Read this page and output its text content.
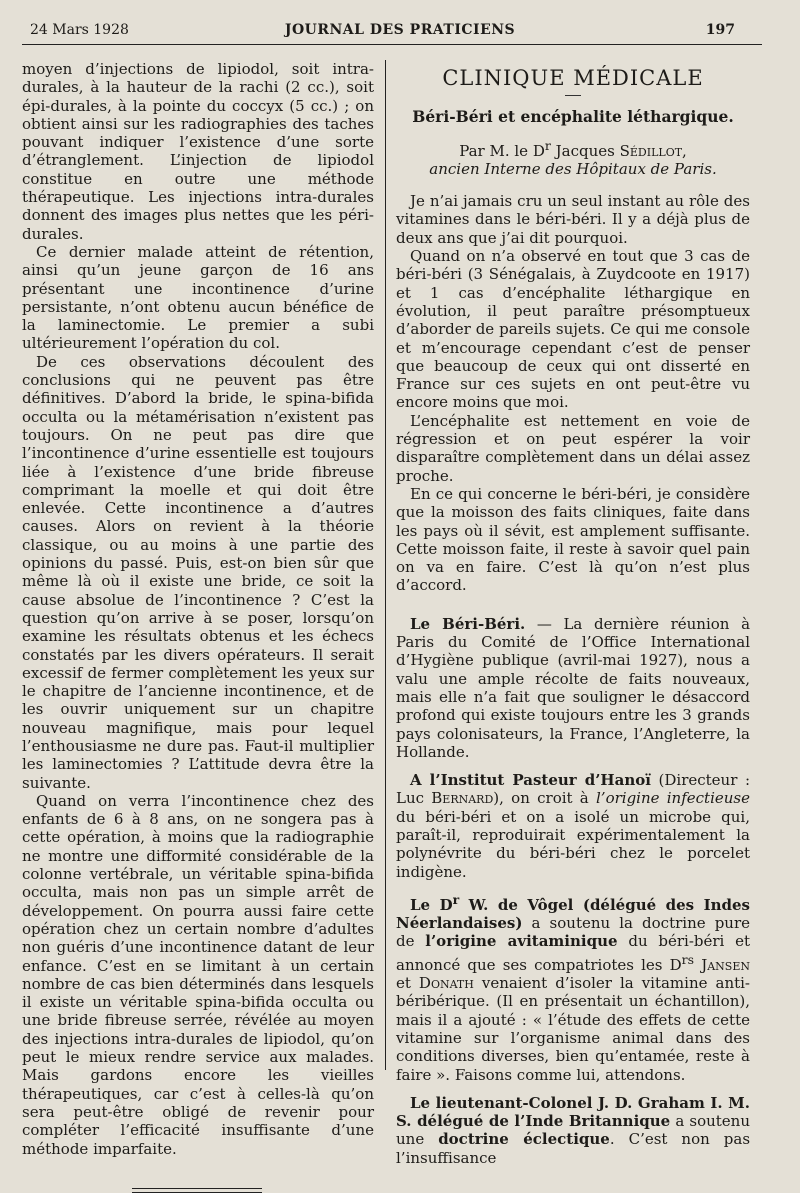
24 Mars 1928	JOURNAL DES PRATICIENS	197

moyen d’injections de lipiodol, soit intra-durales, à la hauteur de la rachi (2 cc.), soit épi-durales, à la pointe du coccyx (5 cc.) ; on obtient ainsi sur les radiographies des taches pouvant indiquer l’existence d’une sorte d’étranglement. L’injection de lipiodol constitue en outre une méthode thérapeutique. Les injections intra-durales donnent des images plus nettes que les péri-durales.

Ce dernier malade atteint de rétention, ainsi qu’un jeune garçon de 16 ans présentant une incontinence d’urine persistante, n’ont obtenu aucun bénéfice de la laminectomie. Le premier a subi ultérieurement l’opération du col.

De ces observations découlent des conclusions qui ne peuvent pas être définitives. D’abord la bride, le spina-bifida occulta ou la métamérisation n’existent pas toujours. On ne peut pas dire que l’incontinence d’urine essentielle est toujours liée à l’existence d’une bride fibreuse comprimant la moelle et qui doit être enlevée. Cette incontinence a d’autres causes. Alors on revient à la théorie classique, ou au moins à une partie des opinions du passé. Puis, est-on bien sûr que même là où il existe une bride, ce soit la cause absolue de l’incontinence ? C’est la question qu’on arrive à se poser, lorsqu’on examine les résultats obtenus et les échecs constatés par les divers opérateurs. Il serait excessif de fermer complètement les yeux sur le chapitre de l’ancienne incontinence, et de les ouvrir uniquement sur un chapitre nouveau magnifique, mais pour lequel l’enthousiasme ne dure pas. Faut-il multiplier les laminectomies ? L’attitude devra être la suivante.

Quand on verra l’incontinence chez des enfants de 6 à 8 ans, on ne songera pas à cette opération, à moins que la radiographie ne montre une difformité considérable de la colonne vertébrale, un véritable spina-bifida occulta, mais non pas un simple arrêt de développement. On pourra aussi faire cette opération chez un certain nombre d’adultes non guéris d’une incontinence datant de leur enfance. C’est en se limitant à un certain nombre de cas bien déterminés dans lesquels il existe un véritable spina-bifida occulta ou une bride fibreuse serrée, révélée au moyen des injections intra-durales de lipiodol, qu’on peut le mieux rendre service aux malades. Mais gardons encore les vieilles thérapeutiques, car c’est à celles-là qu’on sera peut-être obligé de revenir pour compléter l’efficacité insuffisante d’une méthode imparfaite.

CLINIQUE MÉDICALE
Béri-Béri et encéphalite léthargique.
Par M. le $D^r$ Jacques Sédillot,
ancien Interne des Hôpitaux de Paris.

Je n’ai jamais cru un seul instant au rôle des vitamines dans le béri-béri. Il y a déjà plus de deux ans que j’ai dit pourquoi.

Quand on n’a observé en tout que 3 cas de béri-béri (3 Sénégalais, à Zuydcoote en 1917) et 1 cas d’encéphalite léthargique en évolution, il peut paraître présomptueux d’aborder de pareils sujets. Ce qui me console et m’encourage cependant c’est de penser que beaucoup de ceux qui ont disserté en France sur ces sujets en ont peut-être vu encore moins que moi.

L’encéphalite est nettement en voie de régression et on peut espérer la voir disparaître complètement dans un délai assez proche.

En ce qui concerne le béri-béri, je considère que la moisson des faits cliniques, faite dans les pays où il sévit, est amplement suffisante. Cette moisson faite, il reste à savoir quel pain on va en faire. C’est là qu’on n’est plus d’accord.

Le Béri-Béri. — La dernière réunion à Paris du Comité de l’Office International d’Hygiène publique (avril-mai 1927), nous a valu une ample récolte de faits nouveaux, mais elle n’a fait que souligner le désaccord profond qui existe toujours entre les 3 grands pays colonisateurs, la France, l’Angleterre, la Hollande.

A l’Institut Pasteur d’Hanoï (Directeur : Luc Bernard), on croit à l’origine infectieuse du béri-béri et on a isolé un microbe qui, paraît-il, reproduirait expérimentalement la polynévrite du béri-béri chez le porcelet indigène.

Le $D^r$ W. de Vôgel (délégué des Indes Néerlandaises) a soutenu la doctrine pure de l’origine avitaminique du béri-béri et annoncé que ses compatriotes les $D^{rs}$ Jansen et Donath venaient d’isoler la vitamine anti-béribérique. (Il en présentait un échantillon), mais il a ajouté : « l’étude des effets de cette vitamine sur l’organisme animal dans des conditions diverses, bien qu’entamée, reste à faire ». Faisons comme lui, attendons.

Le lieutenant-Colonel J. D. Graham I. M. S. délégué de l’Inde Britannique a soutenu une doctrine éclectique. C’est non pas l’insuffisance
